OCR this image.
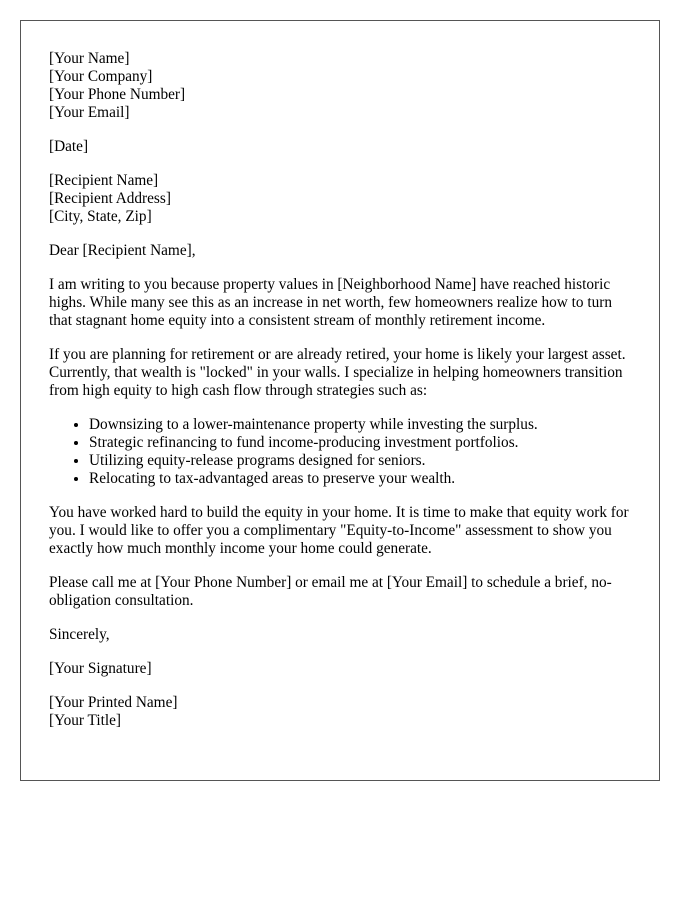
[Your Name]
[Your Company]
[Your Phone Number]
[Your Email]
[Date]
[Recipient Name]
[Recipient Address]
[City, State, Zip]

Dear [Recipient Name],

I am writing to you because property values in [Neighborhood Name] have reached historic highs. While many see this as an increase in net worth, few homeowners realize how to turn that stagnant home equity into a consistent stream of monthly retirement income.

If you are planning for retirement or are already retired, your home is likely your largest asset. Currently, that wealth is "locked" in your walls. I specialize in helping homeowners transition from high equity to high cash flow through strategies such as:

• Downsizing to a lower-maintenance property while investing the surplus.
• Strategic refinancing to fund income-producing investment portfolios.
• Utilizing equity-release programs designed for seniors.
• Relocating to tax-advantaged areas to preserve your wealth.

You have worked hard to build the equity in your home. It is time to make that equity work for you. I would like to offer you a complimentary "Equity-to-Income" assessment to show you exactly how much monthly income your home could generate.

Please call me at [Your Phone Number] or email me at [Your Email] to schedule a brief, no-obligation consultation.

Sincerely,

[Your Signature]

[Your Printed Name]
[Your Title]
